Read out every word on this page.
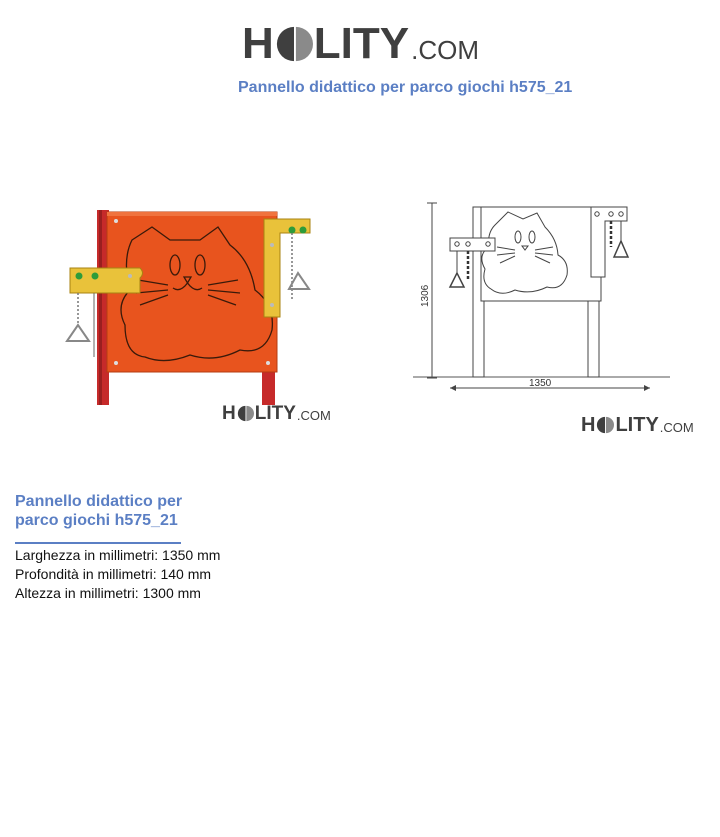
H LITY .COM
Pannello didattico per parco giochi h575_21
H LITY .COM
1306
1350
H LITY .COM
Pannello didattico per
parco giochi h575_21
Larghezza in millimetri: 1350 mm
Profondità in millimetri: 140 mm
Altezza in millimetri: 1300 mm
